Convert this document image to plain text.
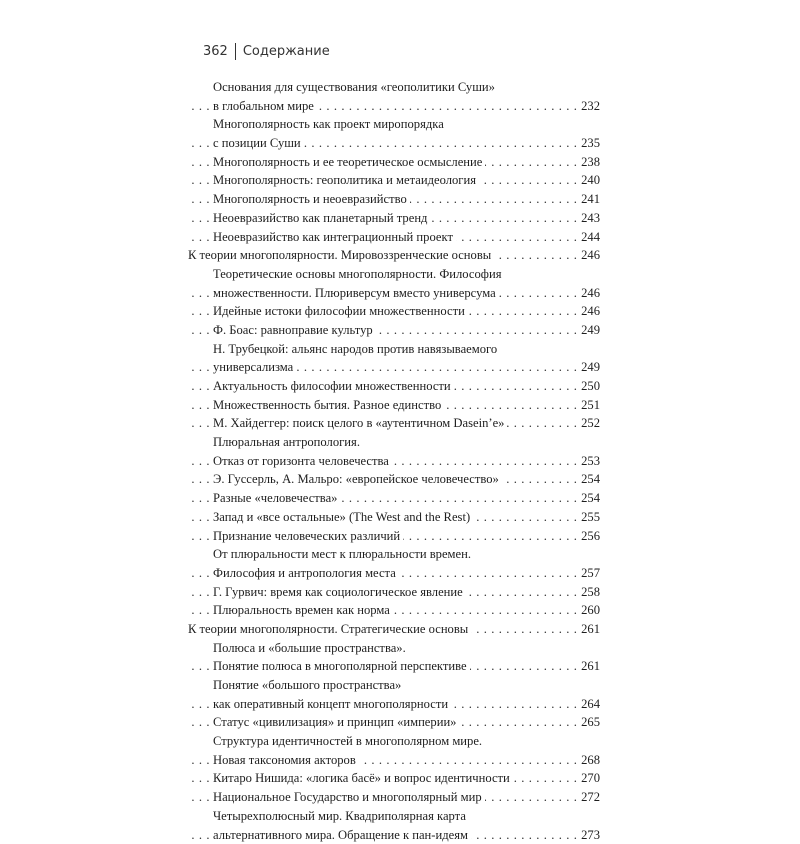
362 Содержание
Основания для существования «геополитики Суши»
. . . в глобальном мире	232
Многополярность как проект миропорядка
. . . с позиции Суши	235
. . . Многополярность и ее теоретическое осмысление	238
. . . Многополярность: геополитика и метаидеология	240
. . . Многополярность и неоевразийство	241
. . . Неоевразийство как планетарный тренд	243
. . . Неоевразийство как интеграционный проект	244
. . . К теории многополярности. Мировоззренческие основы	246
Теоретические основы многополярности. Философия
. . . множественности. Плюриверсум вместо универсума	246
. . . Идейные истоки философии множественности	246
. . . Ф. Боас: равноправие культур	249
Н. Трубецкой: альянс народов против навязываемого
. . . универсализма	249
. . . Актуальность философии множественности	250
. . . Множественность бытия. Разное единство	251
. . . М. Хайдеггер: поиск целого в «аутентичном Dasein’е»	252
Плюральная антропология.
. . . Отказ от горизонта человечества	253
. . . Э. Гуссерль, А. Мальро: «европейское человечество»	254
. . . Разные «человечества»	254
. . . Запад и «все остальные» (The West and the Rest)	255
. . . Признание человеческих различий	256
От плюральности мест к плюральности времен.
. . . Философия и антропология места	257
. . . Г. Гурвич: время как социологическое явление	258
. . . Плюральность времен как норма	260
. . . К теории многополярности. Стратегические основы	261
Полюса и «большие пространства».
. . . Понятие полюса в многополярной перспективе	261
Понятие «большого пространства»
. . . как оперативный концепт многополярности	264
. . . Статус «цивилизация» и принцип «империи»	265
Структура идентичностей в многополярном мире.
. . . Новая таксономия акторов	268
. . . Китаро Нишида: «логика басё» и вопрос идентичности	270
. . . Национальное Государство и многополярный мир	272
Четырехполюсный мир. Квадриполярная карта
. . . альтернативного мира. Обращение к пан-идеям	273
